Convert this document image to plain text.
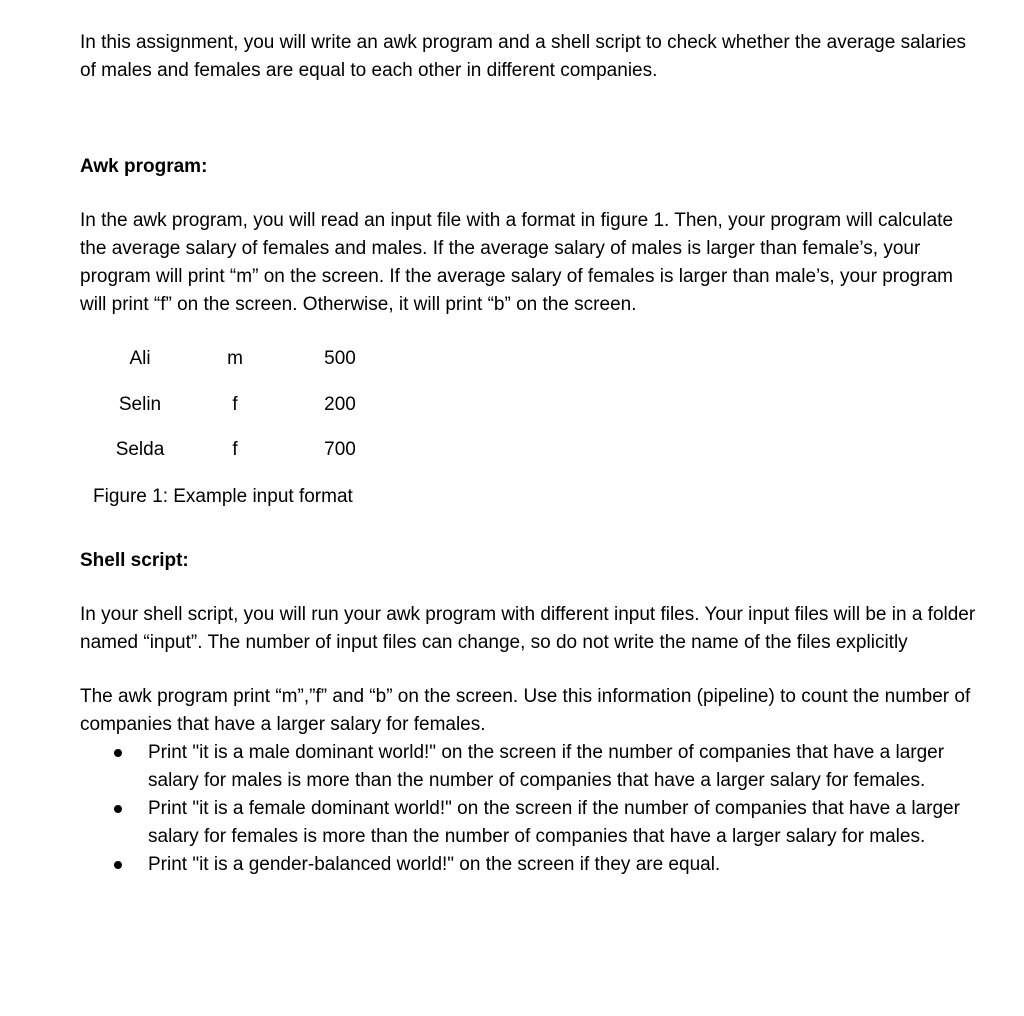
In this assignment, you will write an awk program and a shell script to check whether the average salaries of males and females are equal to each other in different companies.

Awk program:

In the awk program, you will read an input file with a format in figure 1. Then, your program will calculate the average salary of females and males. If the average salary of males is larger than female’s, your program will print “m” on the screen. If the average salary of females is larger than male’s, your program will print “f” on the screen. Otherwise, it will print “b” on the screen.

Ali	m	500
Selin	f	200
Selda	f	700

Figure 1: Example input format

Shell script:

In your shell script, you will run your awk program with different input files. Your input files will be in a folder named “input”. The number of input files can change, so do not write the name of the files explicitly

The awk program print “m”,”f” and “b” on the screen. Use this information (pipeline) to count the number of companies that have a larger salary for females.

Print "it is a male dominant world!" on the screen if the number of companies that have a larger salary for males is more than the number of companies that have a larger salary for females.
Print "it is a female dominant world!" on the screen if the number of companies that have a larger salary for females is more than the number of companies that have a larger salary for males.
Print "it is a gender-balanced world!" on the screen if they are equal.
